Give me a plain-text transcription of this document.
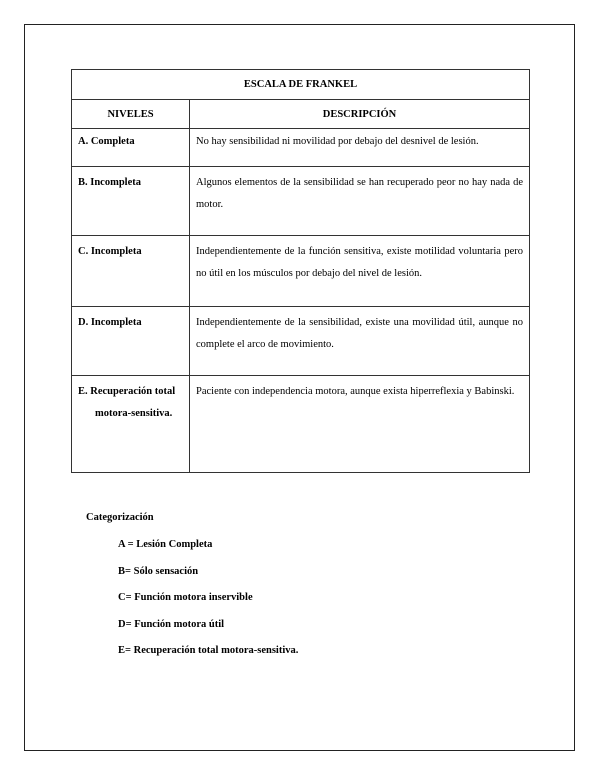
ESCALA DE FRANKEL	
NIVELES	DESCRIPCIÓN

A. Completa	No hay sensibilidad ni movilidad por debajo del desnivel de lesión.

B. Incompleta	Algunos elementos de la sensibilidad se han recuperado peor no hay nada de motor.

C. Incompleta	Independientemente de la función sensitiva, existe motilidad voluntaria pero no útil en los músculos por debajo del nivel de lesión.

D. Incompleta	Independientemente de la sensibilidad, existe una movilidad útil, aunque no complete el arco de movimiento.

E. Recuperación total motora-sensitiva.	Paciente con independencia motora, aunque exista hiperreflexia y Babinski.
Categorización
A = Lesión Completa
B= Sólo sensación
C= Función motora inservible
D= Función motora útil
E= Recuperación total motora-sensitiva.
